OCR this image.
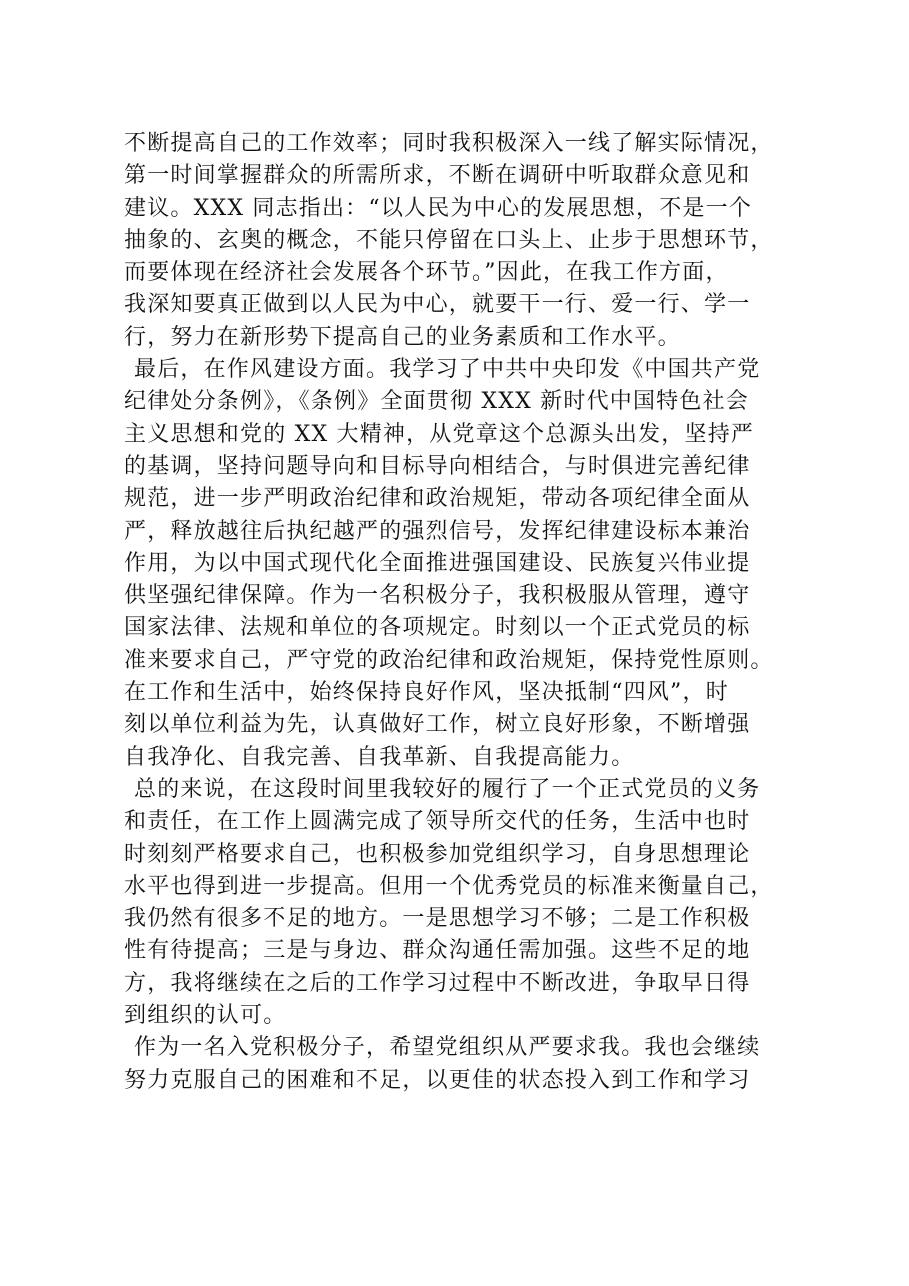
不断提高自己的工作效率；同时我积极深入一线了解实际情况，
第一时间掌握群众的所需所求，不断在调研中听取群众意见和
建议。XXX 同志指出：“以人民为中心的发展思想，不是一个
抽象的、玄奥的概念，不能只停留在口头上、止步于思想环节，
而要体现在经济社会发展各个环节。”因此，在我工作方面，
我深知要真正做到以人民为中心，就要干一行、爱一行、学一
行，努力在新形势下提高自己的业务素质和工作水平。
最后，在作风建设方面。我学习了中共中央印发《中国共产党
纪律处分条例》，《条例》全面贯彻 XXX 新时代中国特色社会
主义思想和党的 XX 大精神，从党章这个总源头出发，坚持严
的基调，坚持问题导向和目标导向相结合，与时俱进完善纪律
规范，进一步严明政治纪律和政治规矩，带动各项纪律全面从
严，释放越往后执纪越严的强烈信号，发挥纪律建设标本兼治
作用，为以中国式现代化全面推进强国建设、民族复兴伟业提
供坚强纪律保障。作为一名积极分子，我积极服从管理，遵守
国家法律、法规和单位的各项规定。时刻以一个正式党员的标
准来要求自己，严守党的政治纪律和政治规矩，保持党性原则。
在工作和生活中，始终保持良好作风，坚决抵制“四风”，时
刻以单位利益为先，认真做好工作，树立良好形象，不断增强
自我净化、自我完善、自我革新、自我提高能力。
总的来说，在这段时间里我较好的履行了一个正式党员的义务
和责任，在工作上圆满完成了领导所交代的任务，生活中也时
时刻刻严格要求自己，也积极参加党组织学习，自身思想理论
水平也得到进一步提高。但用一个优秀党员的标准来衡量自己，
我仍然有很多不足的地方。一是思想学习不够；二是工作积极
性有待提高；三是与身边、群众沟通任需加强。这些不足的地
方，我将继续在之后的工作学习过程中不断改进，争取早日得
到组织的认可。
作为一名入党积极分子，希望党组织从严要求我。我也会继续
努力克服自己的困难和不足，以更佳的状态投入到工作和学习
